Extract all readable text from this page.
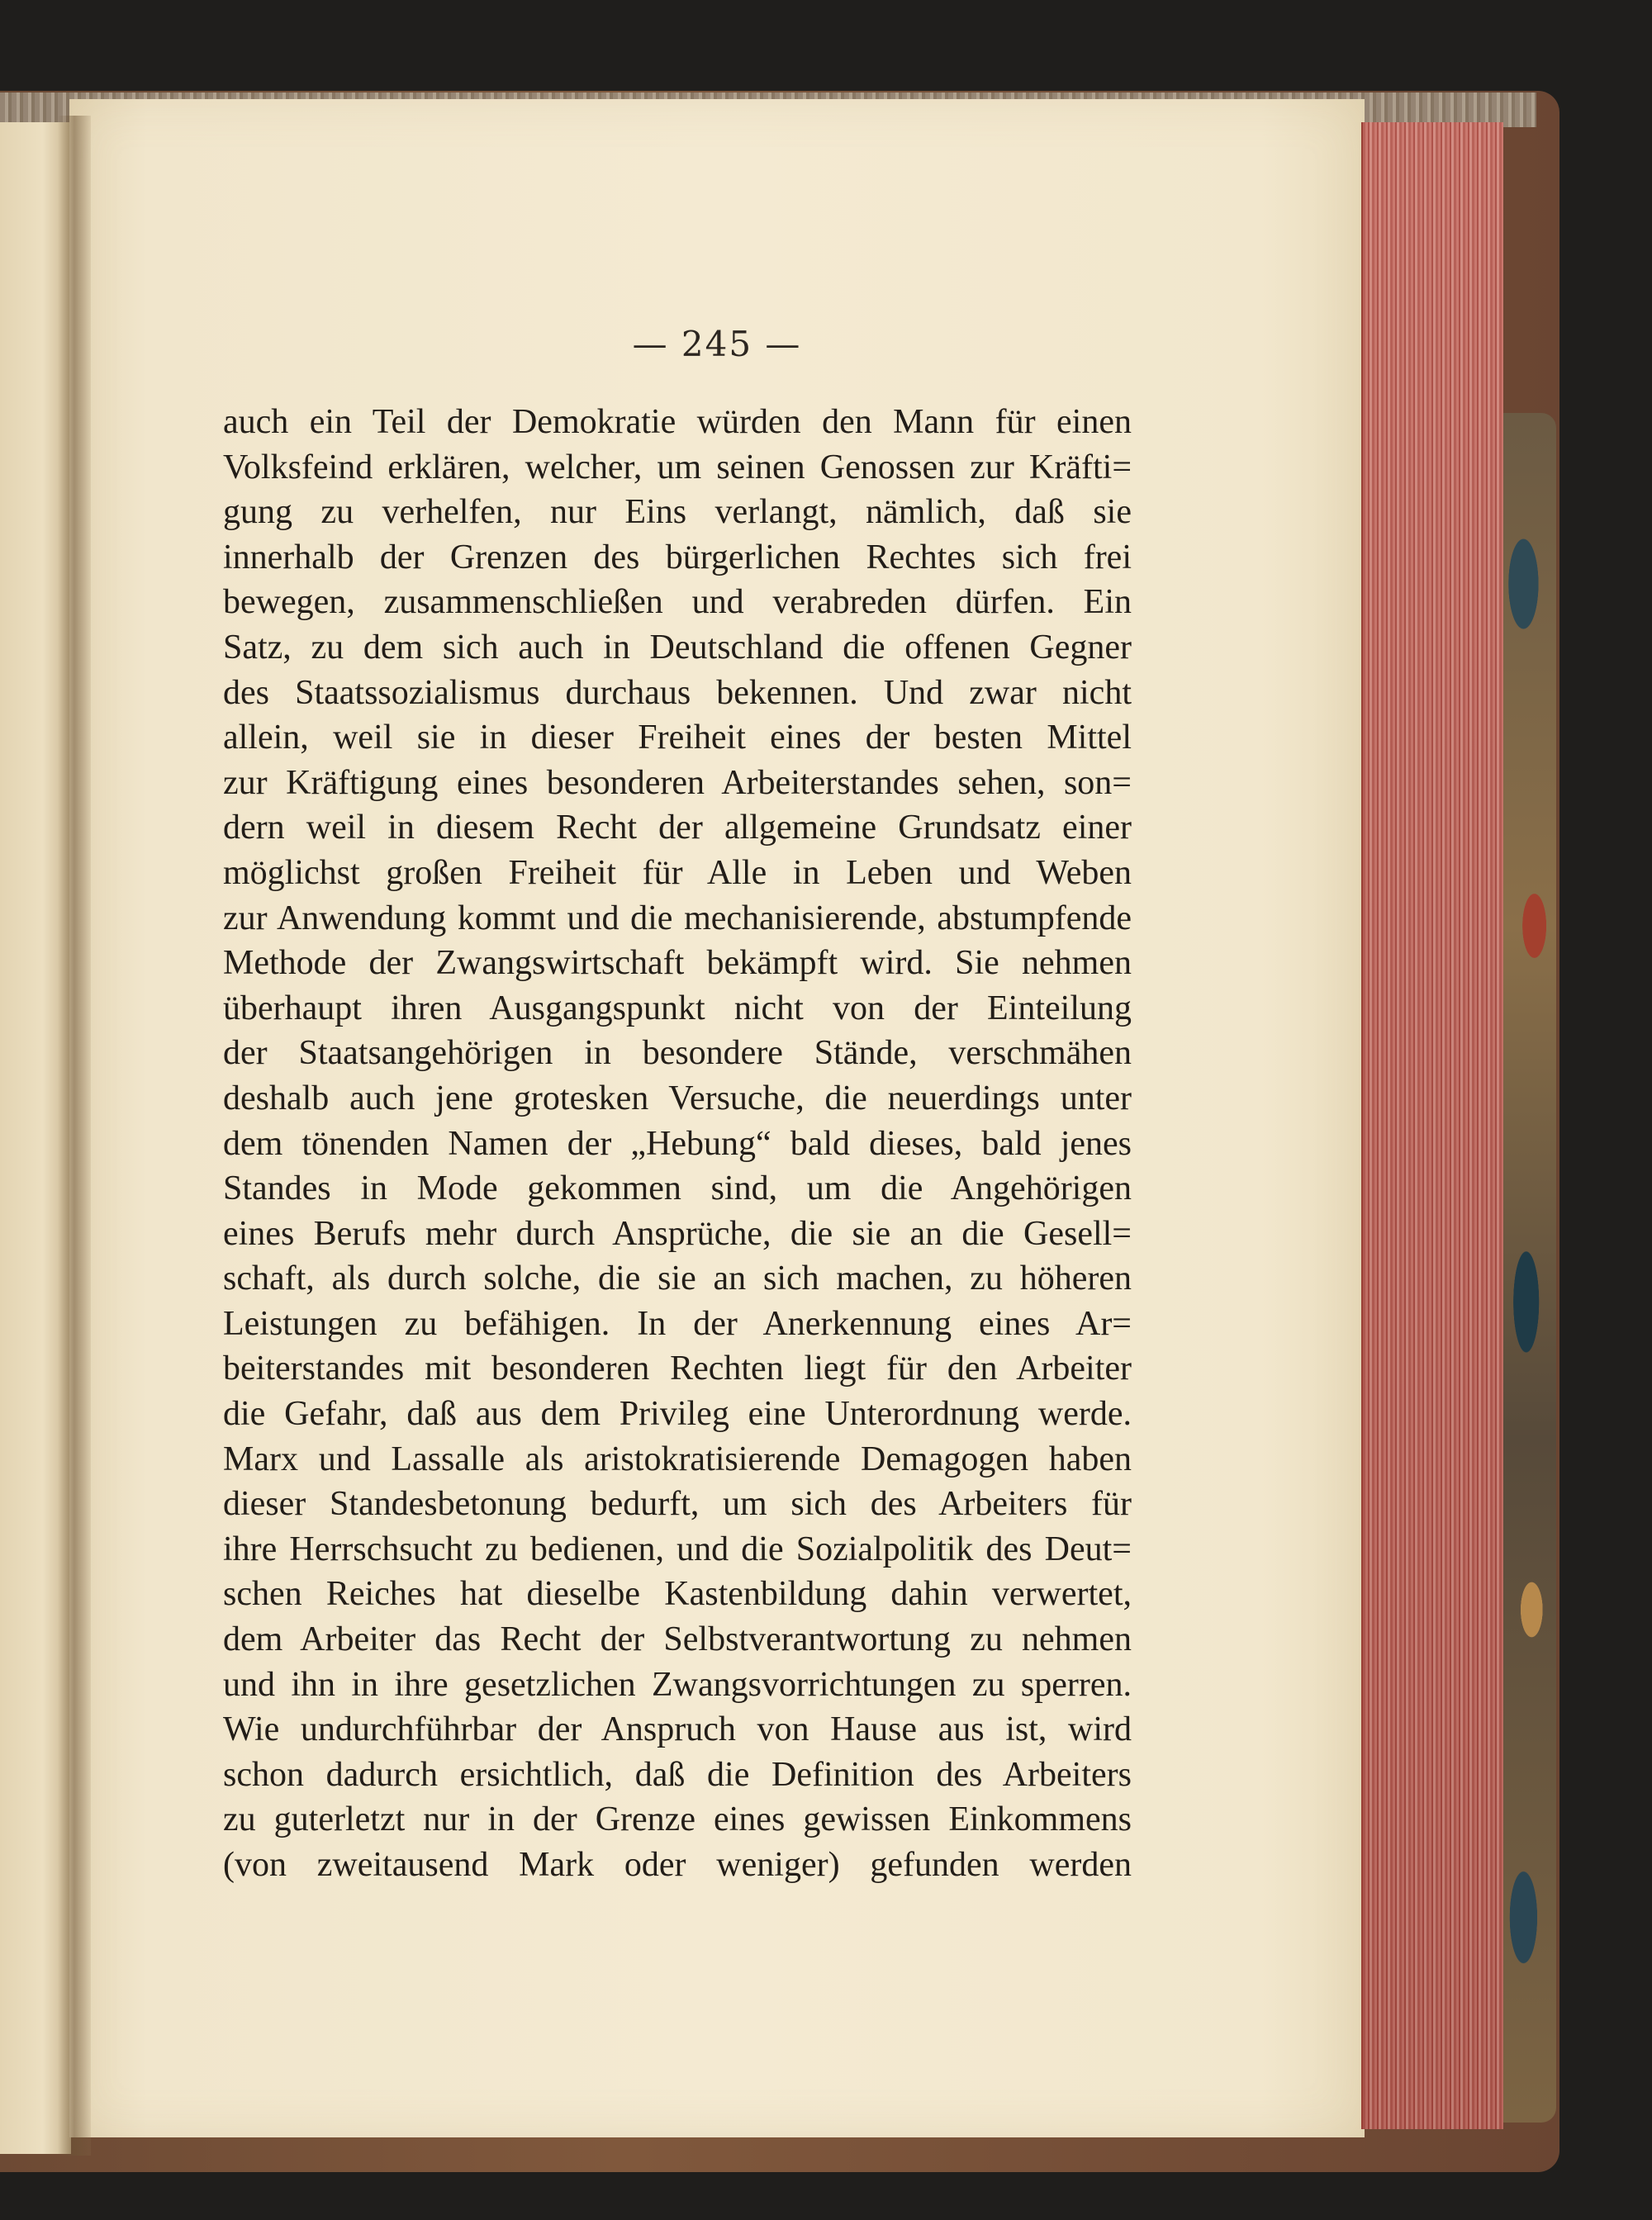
— 245 —
auch ein Teil der Demokratie würden den Mann für einen
Volksfeind erklären, welcher, um seinen Genossen zur Kräfti=
gung zu verhelfen, nur Eins verlangt, nämlich, daß sie
innerhalb der Grenzen des bürgerlichen Rechtes sich frei
bewegen, zusammenschließen und verabreden dürfen. Ein
Satz, zu dem sich auch in Deutschland die offenen Gegner
des Staatssozialismus durchaus bekennen. Und zwar nicht
allein, weil sie in dieser Freiheit eines der besten Mittel
zur Kräftigung eines besonderen Arbeiterstandes sehen, son=
dern weil in diesem Recht der allgemeine Grundsatz einer
möglichst großen Freiheit für Alle in Leben und Weben
zur Anwendung kommt und die mechanisierende, abstumpfende
Methode der Zwangswirtschaft bekämpft wird. Sie nehmen
überhaupt ihren Ausgangspunkt nicht von der Einteilung
der Staatsangehörigen in besondere Stände, verschmähen
deshalb auch jene grotesken Versuche, die neuerdings unter
dem tönenden Namen der „Hebung“ bald dieses, bald jenes
Standes in Mode gekommen sind, um die Angehörigen
eines Berufs mehr durch Ansprüche, die sie an die Gesell=
schaft, als durch solche, die sie an sich machen, zu höheren
Leistungen zu befähigen. In der Anerkennung eines Ar=
beiterstandes mit besonderen Rechten liegt für den Arbeiter
die Gefahr, daß aus dem Privileg eine Unterordnung werde.
Marx und Lassalle als aristokratisierende Demagogen haben
dieser Standesbetonung bedurft, um sich des Arbeiters für
ihre Herrschsucht zu bedienen, und die Sozialpolitik des Deut=
schen Reiches hat dieselbe Kastenbildung dahin verwertet,
dem Arbeiter das Recht der Selbstverantwortung zu nehmen
und ihn in ihre gesetzlichen Zwangsvorrichtungen zu sperren.
Wie undurchführbar der Anspruch von Hause aus ist, wird
schon dadurch ersichtlich, daß die Definition des Arbeiters
zu guterletzt nur in der Grenze eines gewissen Einkommens
(von zweitausend Mark oder weniger) gefunden werden
